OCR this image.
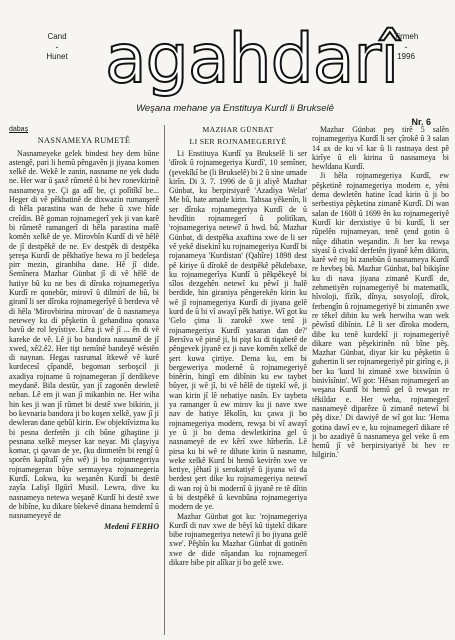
Cand
-
Hunet agahdarî
Tirmeh
-
1996
Weşana mehane ya Enstituya Kurdî li Brukselê
Nr. 6
dabaş
NASNAMEYA RUMETÊ
Nasnameyeke gelek bindest hey dem bûne astengê, pari li hemû pêngavên ji jiyana komen xelkê de. Wekê le zanin, nasname ne yek dudu ne. Her war û şaxê rûmetê û bi hev ronevkirinê nasnameya ye. Çi ga adî be, çi polîtîkî be... Heger di vê pêkhatinê de dixwazin rumanşerê di hêla parastina wan de hebe û xwe hîde creîdin. Bê goman rojnamegerî yek ji van karê bi rûmetê ramangerî di hêla parastina mafê komên xelkê de ye. Mirovbîn Kurdî di vê hêlê de jî destpêkê de ne. Ev destpêk di destpêka şereşa Kurdî de pêkhatîye hewa ro jî bedeleşa pirr mezin, giranbiha dane. Hê jî dide. Semînera Mazhar Günbat jî di vê hêlê de hatiye bû ku ne bes di dîroka rojnamegerîya Kurdî re qonebûr, mirovî û dilmirî de bû, bi giranî li ser dîroka rojnamegerîyê û berdeva vê di hêla 'Mirovbirina mirovan' de û nasnameya netewey ku di pêşketin û gehandina qonaxa bavû de rol leyîstiye. Lêra ji wê jî ... ên di vê kareke de vê. Lê ji bo bandora nasnamê de jî xwed, xê2.ê2. Her tişt nemînê bandeyê wêstên di naynan. Hegas rasrumal îtkewê vê kurê kurdecesî çîpandê, begoman serboşcil ji axadiya rojname û rojnamegeran jî derdikeve meydanê. Bila destûr, yan jî zagonên dewletê neban. Lê em ji wan jî mikanbin ne. Her wiha hin kes ji wan jî rûmet bi destê xwe bikirin, ji bo kevnaria bandora ji bo koşen xelkê, yaw jî ji dewleran dane qebûl kirin. Ew objektîvizma ku bi pesna derfetên ji cih bûne gihaştine ji pesnana xelkê meyser kar neyar. Mi çlaşyiya komar, çi qavan de ye, (ku dinmetên bi rengî û sporên kapîtalî yên wê) ji bo rojnamegeriya rojnamegeran bûye sermayeya rojnamegeria Kurdî. Lokwa, ku weşanên Kurdî bi destê zayîa Lalişî Ilgûrî Musil. Lewra, dive ku nasnameya netewa weşanê Kurdî bi destê xwe de bibîne, ku dikare bîekevê dinana hemdemî û nasnameyeyê de
Medenî FERHO
MAZHAR GÜNBAT
LI SER ROJNAMEGERIYÊ
Li Enstituya Kurdî ya Brukselê li ser 'dîrok û rojnamegeriya Kurdî', 10 semîner, (şevekîkî be (li Brukselê) bi 2 û sine umade kirîn. Di 3. 7. 1996 de û ji aliyê Mazhar Günbat, ku berpirsiyarê 'Azadiya Welat' Me bû, hate amade kirin. Tahsaa yêkenîn, li ser dîroka rojnamegeriya Kurdî de û hevdîtin rojnamegerî û politîkan, 'rojnamegeriya netewî' û hwd. bû. Mazhar Günbat, di destpêka axaftina xwe de li ser vê yekê disekinî ku rojnamegeriya Kurdî bi rojanameya 'Kurdistan' (Qahîre) 1898 dest pê kiriye û dîrokê de destpêkê pêkdebaxe, ku rojnamegerîya Kurdî û pêkpêkeyê bi sîlos dezgehên netewî ku pêwî ji halê berdide, hin giraniya pêngerekên kirin ku wê jî rojnamegeriya Kurdî di jiyana gelê kurd de û bi vî awayî pêk hatiye. Wî got ku 'Gelo çima li zarokê xwe tenî ji rojnamegeriya Kurdî yasaran dan de?' Bersîva vê pirsê ji, bi pişt ku di tiqabetê de pêngevek jiyanê ez ji nave komên xelkê de şert kuwa çirtiye. Dema ku, em bi bergeweriya modernê û rojnamegeriyê binêrin, hingî em dibînin ku ew taybet bûyer, ji wê jî, bi vê hêlê de tiştekî wê, ji wan kirin jî lê nehatiye nasîn. Ev taybeta ya ramanger û ew mirov ku ji nave xwe nav de hatiye lêkolîn, ku çawa ji bo rojnamegeriya modern, rewşa bi vî awayî ye û ji bo dema dewletkirina gel û nasnameyê de ev kêrî xwe hîrberîn. Lê pirsa ku bi wê re dihate kirin û nasname, weke xelkê Kurd bi hemû kevirên xwe ve ketiye, jêhatî ji serokatiyê û jiyana wî da berdest şert dike ku rojnamegeriya netewî di wan roj û bi modernî û jiyanê re tê dîtin û bi destpêkê û kevnbûna rojnamegeriya modern de ye.
Mazhar Günbat got ku: 'rojnamegeriya Kurdî di nav xwe de bêyî kû tiştekî dikare bibe rojnamegeriya netewî ji bo jiyana gelê xwe'. Pêşbîn ku Mazhar Günbat di gotinên xwe de dide nîşandan ku rojnamegerî dikare bibe pir alîkar ji bo gelê xwe.
Mazhar Günbat peş tirê 5 salên rojnamegeriya Kurdî li ser çîrokê û 3 salan 14 ax de ku vî kar û li rastnaya dest pê kirîye û eli kirina û nasnameya bi hewldana Kurdî.
Ji hêla rojnamegeriya Kurdî, ew pêşketinê rojnamegeriya modern e, yêni dema dewletên hatine îcad kirin û ji bo serbestiya pêşketina zimanê Kurdî. Di wan salan de 1608 û 1699 ên ku rojnamegeriyê Kurdî kir derxistiye û bi kurdî, li ser rûpelên rojnameyan, tenê çend gotin û nûçe dihatin weşandin. Ji ber ku rewşa siyasî û civakî derfetên jiyanê kêm dikirin, karê wê roj bi zanebûn û nasnameya Kurdî re hevbeş bû. Mazhar Günbat, bal bikişîne ku di nava jiyana zimanê Kurdî de, zehmetiyên rojnamegeriyê bi matematîk, hîvoloji, fîzîk, dînya, sosyolojî, dîrok, ferhengîn û rojnamegeriyê bi zimanên xwe re têkel dibin ku wek herwiha wan wek pêwîstî dibînin. Lê li ser dîroka modern, dibe ku tenê kurdekî ji rojnamegeriyê dikare wan pêşekirinên nû bîne pêş. Mazhar Günbat, diyar kir ku pêşketin û guhertin li ser rojnamegeriyê pir girîng e, ji ber ku 'kurd bi zimanê xwe bixwînin û binivîsînin'. Wî got: 'Hêsan rojnamegerî an weşana Kurdî bi hemû gel û rewşan re têkildar e. Her weha, rojnamegerî nasnameyê diparêze û zimanê netewî bi pêş dixe.' Di dawiyê de wî got ku: 'Hema gotina dawî ev e, ku rojnamegerî dikare rê ji bo azadiyê û nasnameya gel veke û em hemû jî vê berpirsiyariyê bi hev re hilgirin.'
